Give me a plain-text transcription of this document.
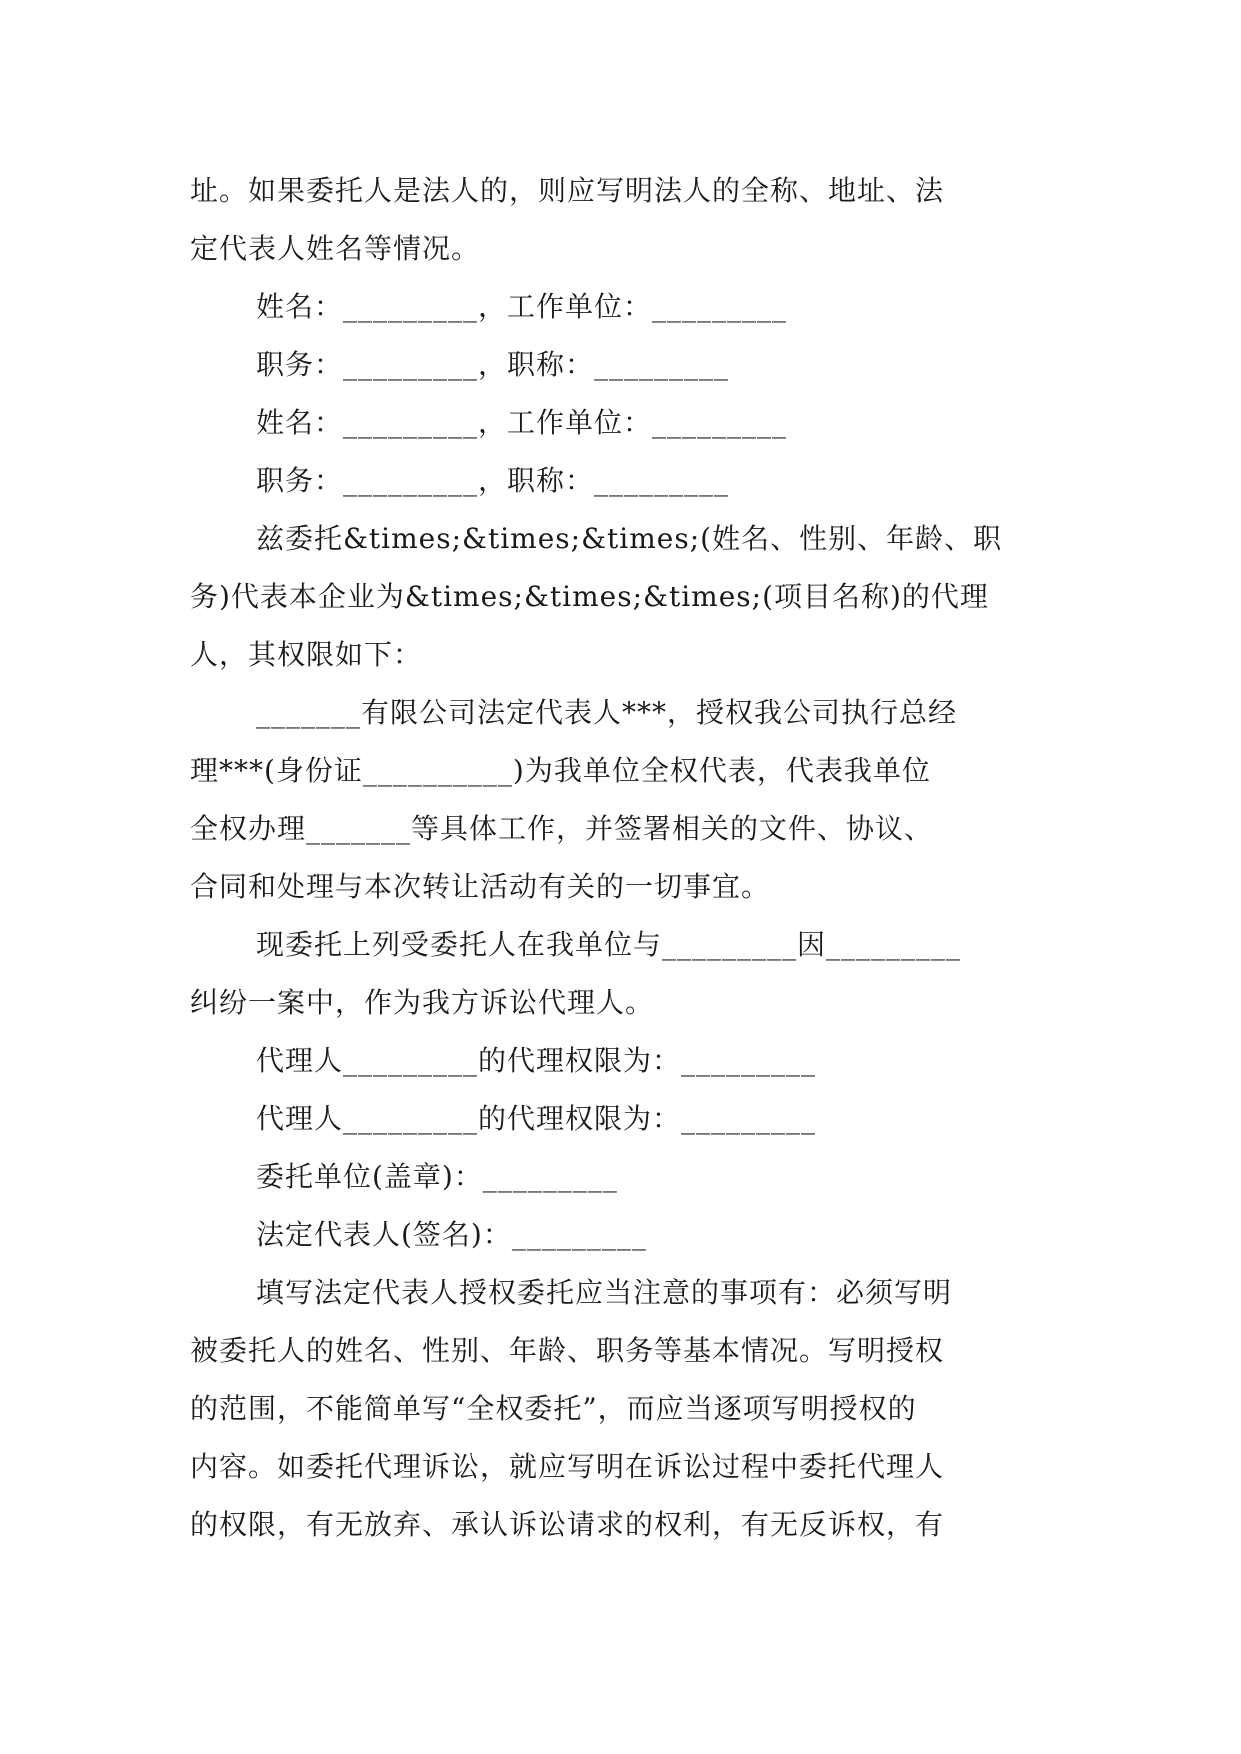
址。如果委托人是法人的，则应写明法人的全称、地址、法
定代表人姓名等情况。
姓名：_________，工作单位：_________
职务：_________，职称：_________
姓名：_________，工作单位：_________
职务：_________，职称：_________
兹委托&times;&times;&times;(姓名、性别、年龄、职
务)代表本企业为&times;&times;&times;(项目名称)的代理
人，其权限如下：
_______有限公司法定代表人***，授权我公司执行总经
理***(身份证__________)为我单位全权代表，代表我单位
全权办理_______等具体工作，并签署相关的文件、协议、
合同和处理与本次转让活动有关的一切事宜。
现委托上列受委托人在我单位与_________因_________
纠纷一案中，作为我方诉讼代理人。
代理人_________的代理权限为：_________
代理人_________的代理权限为：_________
委托单位(盖章)：_________
法定代表人(签名)：_________
填写法定代表人授权委托应当注意的事项有：必须写明
被委托人的姓名、性别、年龄、职务等基本情况。写明授权
的范围，不能简单写“全权委托”，而应当逐项写明授权的
内容。如委托代理诉讼，就应写明在诉讼过程中委托代理人
的权限，有无放弃、承认诉讼请求的权利，有无反诉权，有
